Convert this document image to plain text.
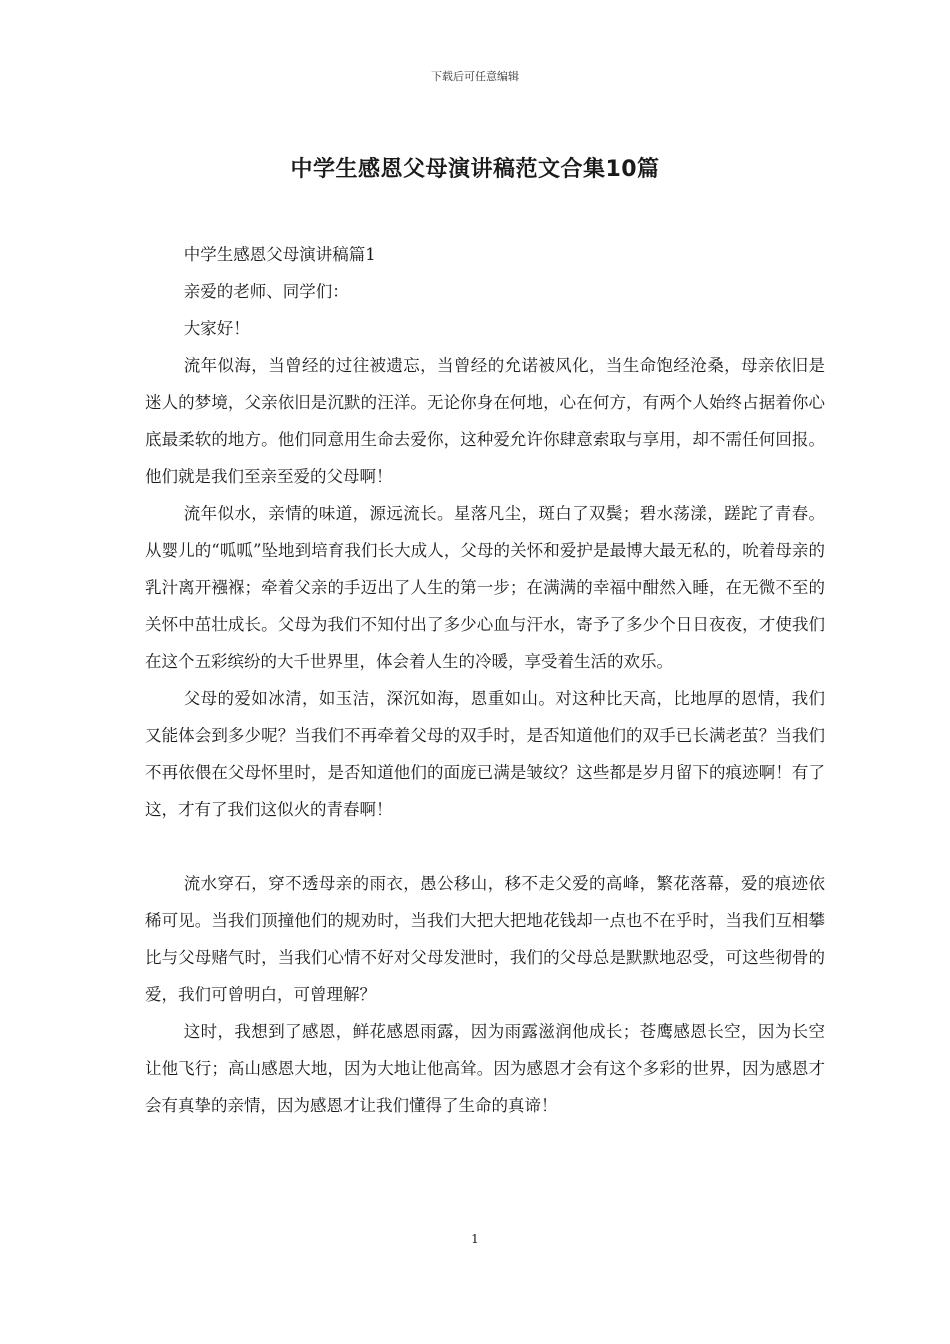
下载后可任意编辑
中学生感恩父母演讲稿范文合集10篇

中学生感恩父母演讲稿篇1

亲爱的老师、同学们：

大家好！

流年似海，当曾经的过往被遗忘，当曾经的允诺被风化，当生命饱经沧桑，母亲依旧是迷人的梦境，父亲依旧是沉默的汪洋。无论你身在何地，心在何方，有两个人始终占据着你心底最柔软的地方。他们同意用生命去爱你，这种爱允许你肆意索取与享用，却不需任何回报。他们就是我们至亲至爱的父母啊！

流年似水，亲情的味道，源远流长。星落凡尘，斑白了双鬓；碧水荡漾，蹉跎了青春。从婴儿的“呱呱”坠地到培育我们长大成人，父母的关怀和爱护是最博大最无私的，吮着母亲的乳汁离开襁褓；牵着父亲的手迈出了人生的第一步；在满满的幸福中酣然入睡，在无微不至的关怀中茁壮成长。父母为我们不知付出了多少心血与汗水，寄予了多少个日日夜夜，才使我们在这个五彩缤纷的大千世界里，体会着人生的冷暖，享受着生活的欢乐。

父母的爱如冰清，如玉洁，深沉如海，恩重如山。对这种比天高，比地厚的恩情，我们又能体会到多少呢？当我们不再牵着父母的双手时，是否知道他们的双手已长满老茧？当我们不再依偎在父母怀里时，是否知道他们的面庞已满是皱纹？这些都是岁月留下的痕迹啊！有了这，才有了我们这似火的青春啊！

流水穿石，穿不透母亲的雨衣，愚公移山，移不走父爱的高峰，繁花落幕，爱的痕迹依稀可见。当我们顶撞他们的规劝时，当我们大把大把地花钱却一点也不在乎时，当我们互相攀比与父母赌气时，当我们心情不好对父母发泄时，我们的父母总是默默地忍受，可这些彻骨的爱，我们可曾明白，可曾理解？

这时，我想到了感恩，鲜花感恩雨露，因为雨露滋润他成长；苍鹰感恩长空，因为长空让他飞行；高山感恩大地，因为大地让他高耸。因为感恩才会有这个多彩的世界，因为感恩才会有真挚的亲情，因为感恩才让我们懂得了生命的真谛！

1
